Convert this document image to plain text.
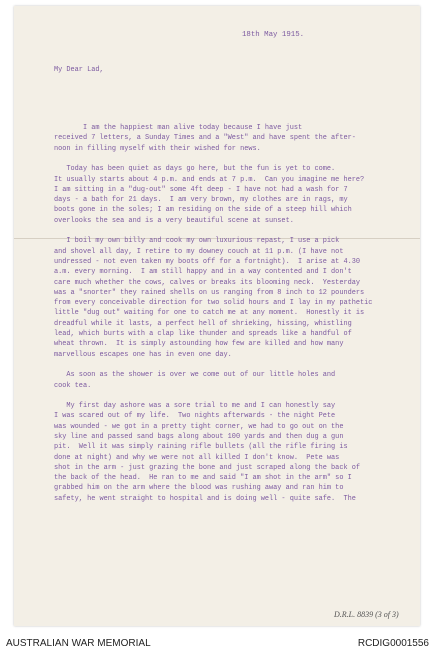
18th May 1915.

My Dear Lad,

I am the happiest man alive today because I have just
received 7 letters, a Sunday Times and a "West" and have spent the after-
noon in filling myself with their wished for news.
Today has been quiet as days go here, but the fun is yet to come.
It usually starts about 4 p.m. and ends at 7 p.m.  Can you imagine me here?
I am sitting in a "dug-out" some 4ft deep - I have not had a wash for 7
days - a bath for 21 days.  I am very brown, my clothes are in rags, my
boots gone in the soles; I am residing on the side of a steep hill which
overlooks the sea and is a very beautiful scene at sunset.
I boil my own billy and cook my own luxurious repast, I use a pick
and shovel all day, I retire to my downey couch at 11 p.m. (I have not
undressed - not even taken my boots off for a fortnight).  I arise at 4.30
a.m. every morning.  I am still happy and in a way contented and I don't
care much whether the cows, calves or breaks its blooming neck.  Yesterday
was a "snorter" they rained shells on us ranging from 8 inch to 12 pounders
from every conceivable direction for two solid hours and I lay in my pathetic
little "dug out" waiting for one to catch me at any moment.  Honestly it is
dreadful while it lasts, a perfect hell of shrieking, hissing, whistling
lead, which burts with a clap like thunder and spreads like a handful of
wheat thrown.  It is simply astounding how few are killed and how many
marvellous escapes one has in even one day.
As soon as the shower is over we come out of our little holes and
cook tea.
My first day ashore was a sore trial to me and I can honestly say
I was scared out of my life.  Two nights afterwards - the night Pete
was wounded - we got in a pretty tight corner, we had to go out on the
sky line and passed sand bags along about 100 yards and then dug a gun
pit.  Well it was simply raining rifle bullets (all the rifle firing is
done at night) and why we were not all killed I don't know.  Pete was
shot in the arm - just grazing the bone and just scraped along the back of
the back of the head.  He ran to me and said "I am shot in the arm" so I
grabbed him on the arm where the blood was rushing away and ran him to
safety, he went straight to hospital and is doing well - quite safe.  The

D.R.L. 8839 (3 of 3)
AUSTRALIAN WAR MEMORIAL	RCDIG0001556
